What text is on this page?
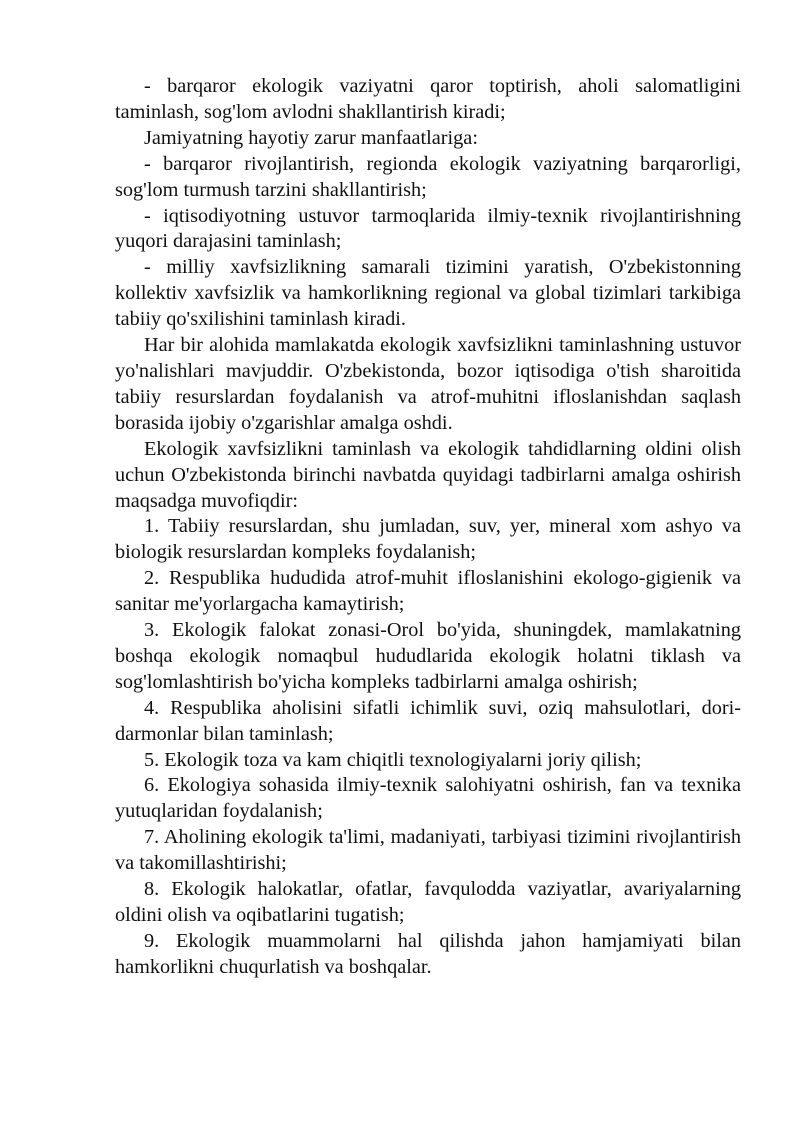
- barqaror ekologik vaziyatni qaror toptirish, aholi salomatligini taminlash, sog'lom avlodni shakllantirish kiradi;

Jamiyatning hayotiy zarur manfaatlariga:

- barqaror rivojlantirish, regionda ekologik vaziyatning barqarorligi, sog'lom turmush tarzini shakllantirish;

- iqtisodiyotning ustuvor tarmoqlarida ilmiy-texnik rivojlantirishning yuqori darajasini taminlash;

- milliy xavfsizlikning samarali tizimini yaratish, O'zbekistonning kollektiv xavfsizlik va hamkorlikning regional va global tizimlari tarkibiga tabiiy qo'sxilishini taminlash kiradi.

Har bir alohida mamlakatda ekologik xavfsizlikni taminlashning ustuvor yo'nalishlari mavjuddir. O'zbekistonda, bozor iqtisodiga o'tish sharoitida tabiiy resurslardan foydalanish va atrof-muhitni ifloslanishdan saqlash borasida ijobiy o'zgarishlar amalga oshdi.

Ekologik xavfsizlikni taminlash va ekologik tahdidlarning oldini olish uchun O'zbekistonda birinchi navbatda quyidagi tadbirlarni amalga oshirish maqsadga muvofiqdir:

1. Tabiiy resurslardan, shu jumladan, suv, yer, mineral xom ashyo va biologik resurslardan kompleks foydalanish;

2. Respublika hududida atrof-muhit ifloslanishini ekologo-gigienik va sanitar me'yorlargacha kamaytirish;

3. Ekologik falokat zonasi-Orol bo'yida, shuningdek, mamlakatning boshqa ekologik nomaqbul hududlarida ekologik holatni tiklash va sog'lomlashtirish bo'yicha kompleks tadbirlarni amalga oshirish;

4. Respublika aholisini sifatli ichimlik suvi, oziq mahsulotlari, dori-darmonlar bilan taminlash;

5. Ekologik toza va kam chiqitli texnologiyalarni joriy qilish;

6. Ekologiya sohasida ilmiy-texnik salohiyatni oshirish, fan va texnika yutuqlaridan foydalanish;

7. Aholining ekologik ta'limi, madaniyati, tarbiyasi tizimini rivojlantirish va takomillashtirishi;

8. Ekologik halokatlar, ofatlar, favqulodda vaziyatlar, avariyalarning oldini olish va oqibatlarini tugatish;

9. Ekologik muammolarni hal qilishda jahon hamjamiyati bilan hamkorlikni chuqurlatish va boshqalar.
